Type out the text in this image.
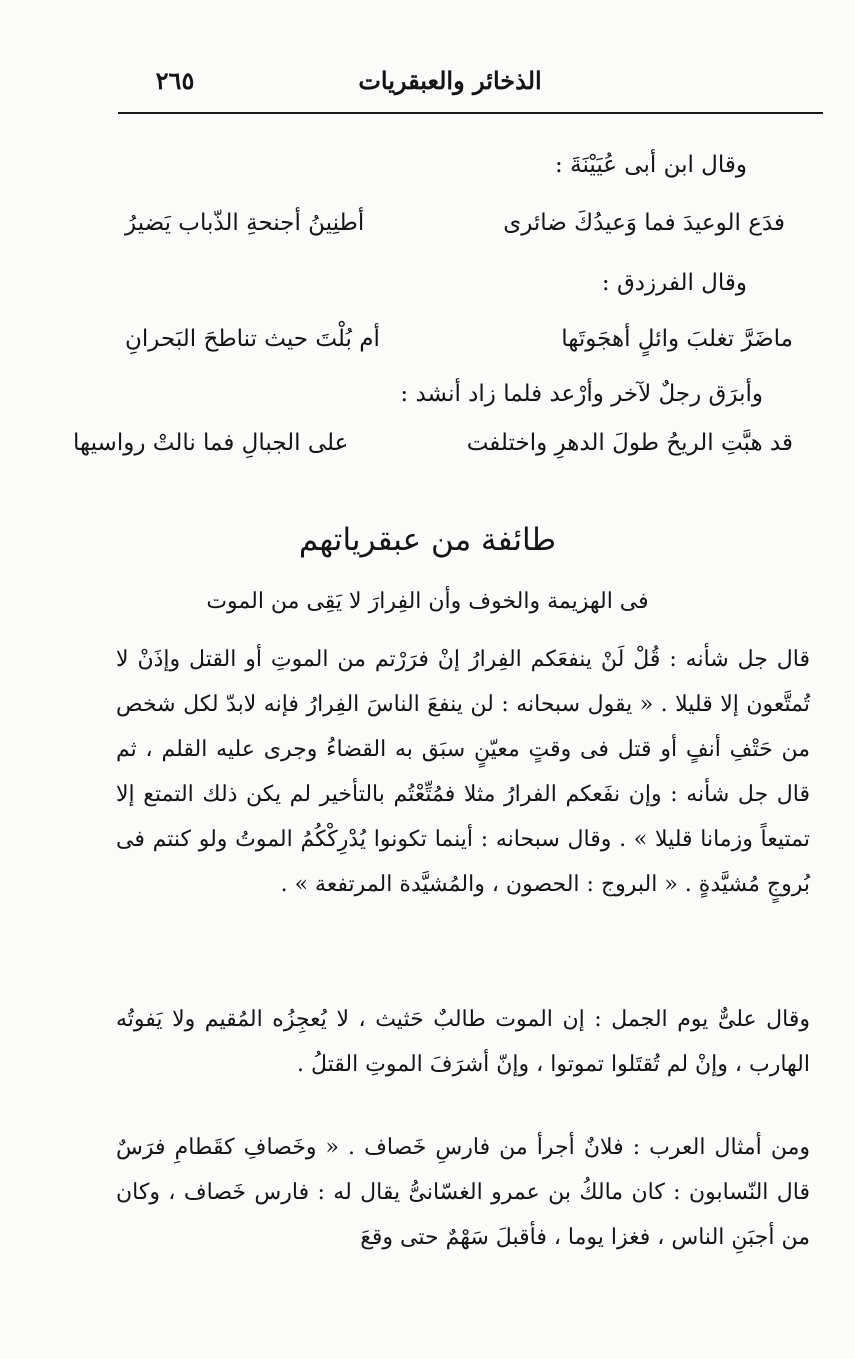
الذخائر والعبقريات
٢٦٥
وقال ابن أبى عُيَيْنَةَ :
فدَع الوعيدَ فما وَعيدُكَ ضائرى
أطنِينُ أجنحةِ الذّباب يَضيرُ
وقال الفرزدق :
ماضَرَّ تغلبَ وائلٍ أهجَوتَها
أم بُلْتَ حيث تناطحَ البَحرانِ
وأبرَق رجلٌ لآخر وأرْعد فلما زاد أنشد :
قد هبَّتِ الريحُ طولَ الدهرِ واختلفت
على الجبالِ فما نالتْ رواسيها
طائفة من عبقرياتهم
فى الهزيمة والخوف وأن الفِرارَ لا يَقِى من الموت
قال جل شأنه : قُلْ لَنْ ينفعَكم الفِرارُ إنْ فرَرْتم من الموتِ أو القتل وإذَنْ لا تُمتَّعون إلا قليلا . « يقول سبحانه : لن ينفعَ الناسَ الفِرارُ فإنه لابدّ لكل شخص من حَتْفِ أنفٍ أو قتل فى وقتٍ معيّنٍ سبَق به القضاءُ وجرى عليه القلم ، ثم قال جل شأنه : وإن نفَعكم الفرارُ مثلا فمُتِّعْتُم بالتأخير لم يكن ذلك التمتع إلا تمتيعاً وزمانا قليلا » . وقال سبحانه : أينما تكونوا يُدْرِكْكُمُ الموتُ ولو كنتم فى بُروجٍ مُشيَّدةٍ . « البروج : الحصون ، والمُشيَّدة المرتفعة » .
وقال علىٌّ يوم الجمل : إن الموت طالبٌ حَثيث ، لا يُعجِزُه المُقيم ولا يَفوتُه الهارب ، وإنْ لم تُقتَلوا تموتوا ، وإنّ أشرَفَ الموتِ القتلُ .
ومن أمثال العرب : فلانٌ أجرأ من فارسِ خَصاف . « وخَصافِ كقَطامِ فرَسٌ قال النّسابون : كان مالكُ بن عمرو الغسّانىُّ يقال له : فارس خَصاف ، وكان من أجبَنِ الناس ، فغزا يوما ، فأقبلَ سَهْمٌ حتى وقعَ
